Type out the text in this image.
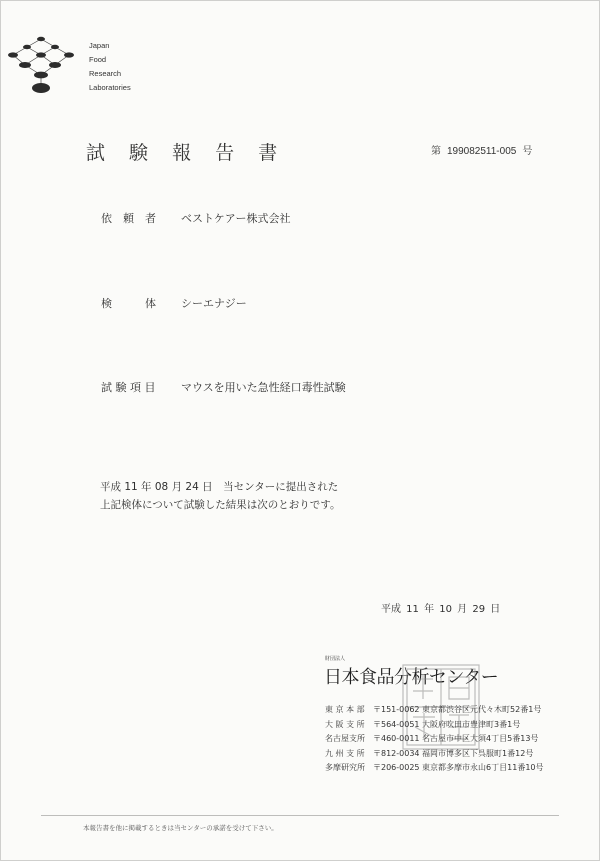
Japan
Food
Research
Laboratories
試 験 報 告 書	第 199082511-005 号
依　頼　者 ベストケアー株式会社
検　　　体 シーエナジー
試 験 項 目 マウスを用いた急性経口毒性試験
平成 11 年 08 月 24 日　当センターに提出された
上記検体について試験した結果は次のとおりです。
平成 11 年 10 月 29 日
財団法人
日本食品分析センター
東 京 本 部	〒151-0062 東京都渋谷区元代々木町52番1号
大 阪 支 所	〒564-0051 大阪府吹田市豊津町3番1号
名古屋支所	〒460-0011 名古屋市中区大須4丁目5番13号
九 州 支 所	〒812-0034 福岡市博多区下呉服町1番12号
多摩研究所	〒206-0025 東京都多摩市永山6丁目11番10号
本報告書を他に掲載するときは当センターの承諾を受けて下さい。
